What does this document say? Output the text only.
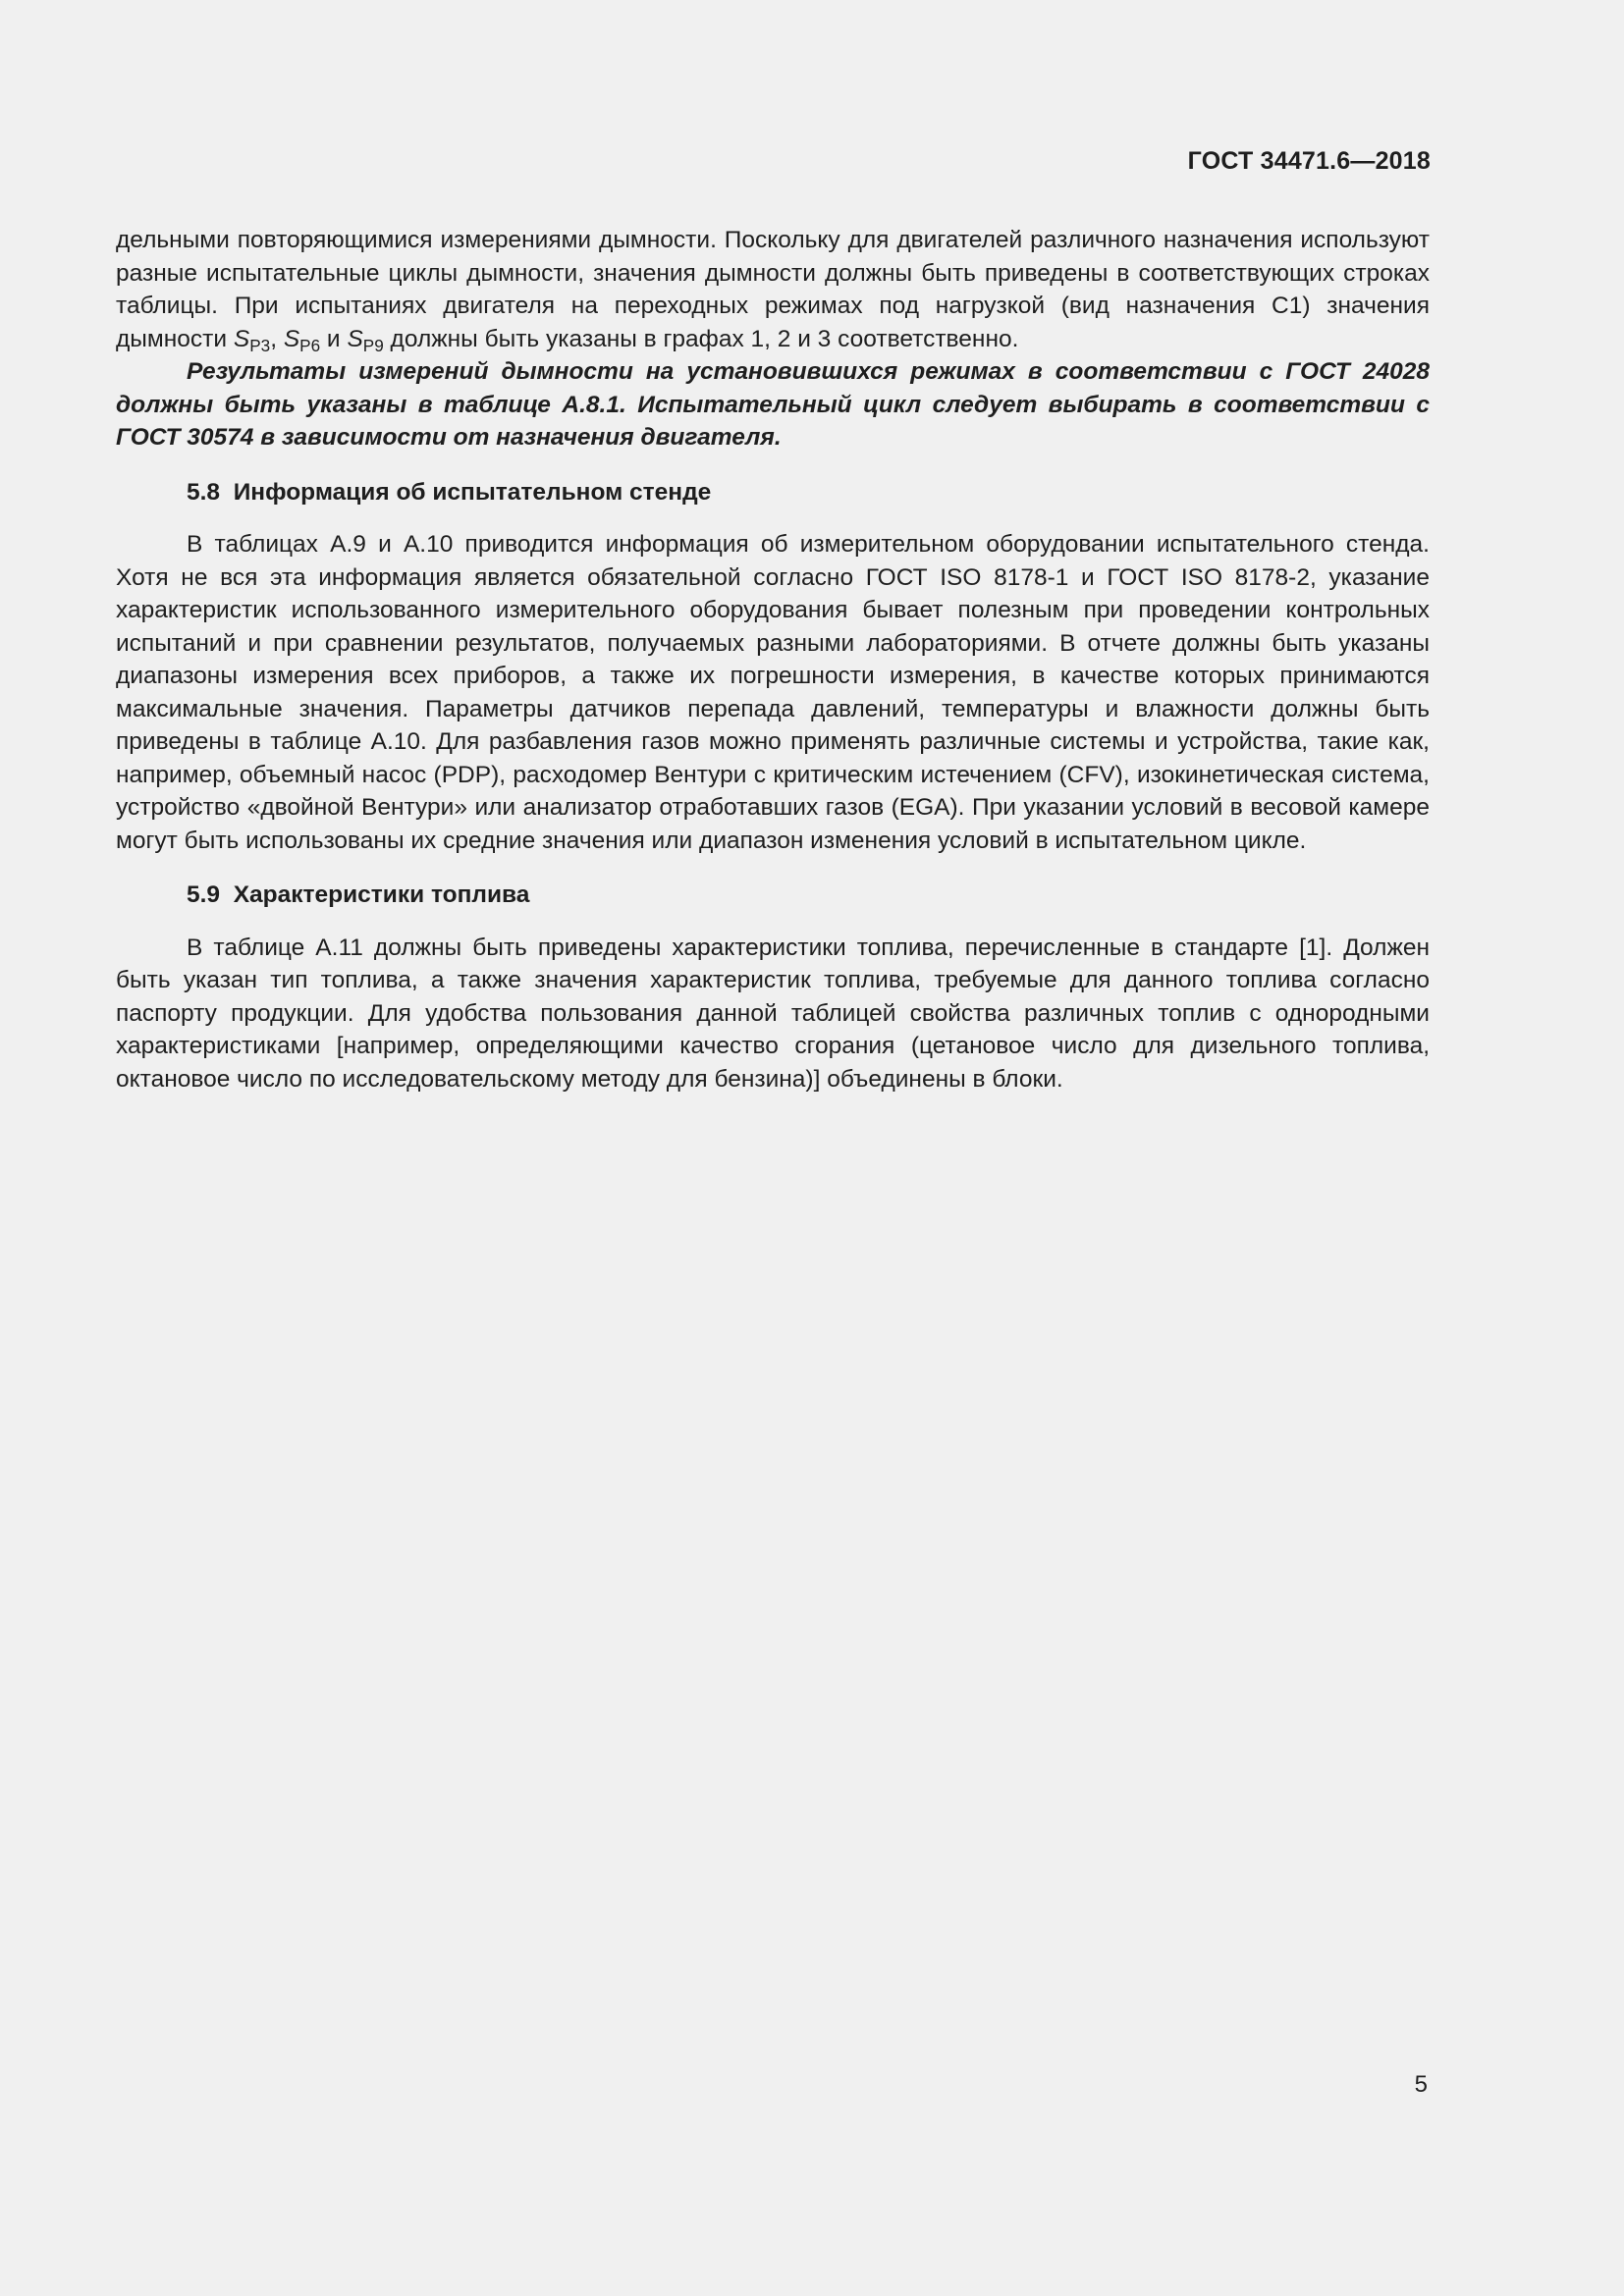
ГОСТ 34471.6—2018

дельными повторяющимися измерениями дымности. Поскольку для двигателей различного назначения используют разные испытательные циклы дымности, значения дымности должны быть приведены в соответствующих строках таблицы. При испытаниях двигателя на переходных режимах под нагрузкой (вид назначения С1) значения дымности $S_{P3}$, $S_{P6}$ и $S_{P9}$ должны быть указаны в графах 1, 2 и 3 соответственно.

Результаты измерений дымности на установившихся режимах в соответствии с ГОСТ 24028 должны быть указаны в таблице А.8.1. Испытательный цикл следует выбирать в соответствии с ГОСТ 30574 в зависимости от назначения двигателя.

5.8 Информация об испытательном стенде

В таблицах А.9 и А.10 приводится информация об измерительном оборудовании испытательного стенда. Хотя не вся эта информация является обязательной согласно ГОСТ ISO 8178-1 и ГОСТ ISO 8178-2, указание характеристик использованного измерительного оборудования бывает полезным при проведении контрольных испытаний и при сравнении результатов, получаемых разными лабораториями. В отчете должны быть указаны диапазоны измерения всех приборов, а также их погрешности измерения, в качестве которых принимаются максимальные значения. Параметры датчиков перепада давлений, температуры и влажности должны быть приведены в таблице А.10. Для разбавления газов можно применять различные системы и устройства, такие как, например, объемный насос (PDP), расходомер Вентури с критическим истечением (CFV), изокинетическая система, устройство «двойной Вентури» или анализатор отработавших газов (EGA). При указании условий в весовой камере могут быть использованы их средние значения или диапазон изменения условий в испытательном цикле.

5.9 Характеристики топлива

В таблице А.11 должны быть приведены характеристики топлива, перечисленные в стандарте [1]. Должен быть указан тип топлива, а также значения характеристик топлива, требуемые для данного топлива согласно паспорту продукции. Для удобства пользования данной таблицей свойства различных топлив с однородными характеристиками [например, определяющими качество сгорания (цетановое число для дизельного топлива, октановое число по исследовательскому методу для бензина)] объединены в блоки.

5
